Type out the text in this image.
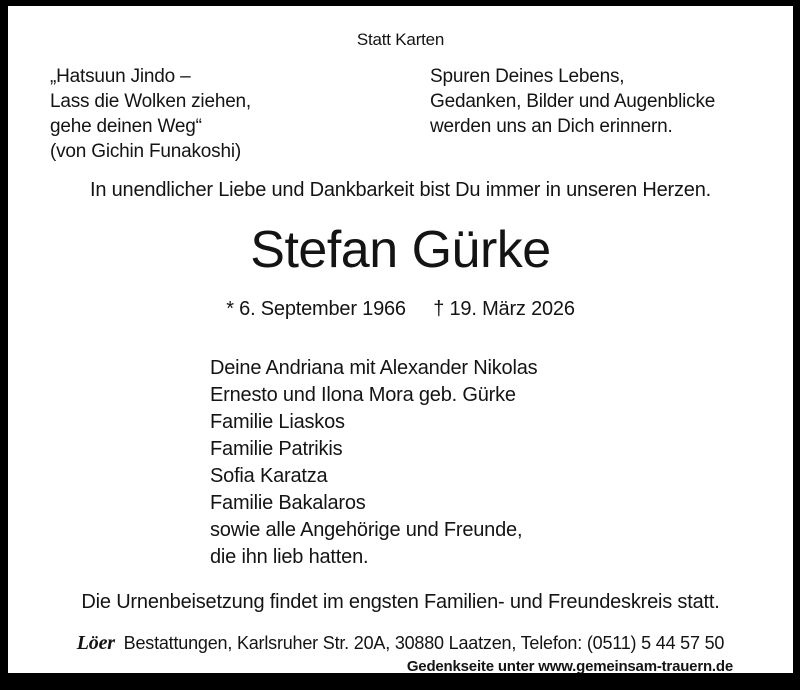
Statt Karten
„Hatsuun Jindo –
Lass die Wolken ziehen,
gehe deinen Weg“
(von Gichin Funakoshi)
Spuren Deines Lebens,
Gedanken, Bilder und Augenblicke
werden uns an Dich erinnern.
In unendlicher Liebe und Dankbarkeit bist Du immer in unseren Herzen.
Stefan Gürke
* 6. September 1966 † 19. März 2026
Deine Andriana mit Alexander Nikolas
Ernesto und Ilona Mora geb. Gürke
Familie Liaskos
Familie Patrikis
Sofia Karatza
Familie Bakalaros
sowie alle Angehörige und Freunde,
die ihn lieb hatten.
Die Urnenbeisetzung findet im engsten Familien- und Freundeskreis statt.
Löer Bestattungen, Karlsruher Str. 20A, 30880 Laatzen, Telefon: (0511) 5 44 57 50
Gedenkseite unter www.gemeinsam-trauern.de
